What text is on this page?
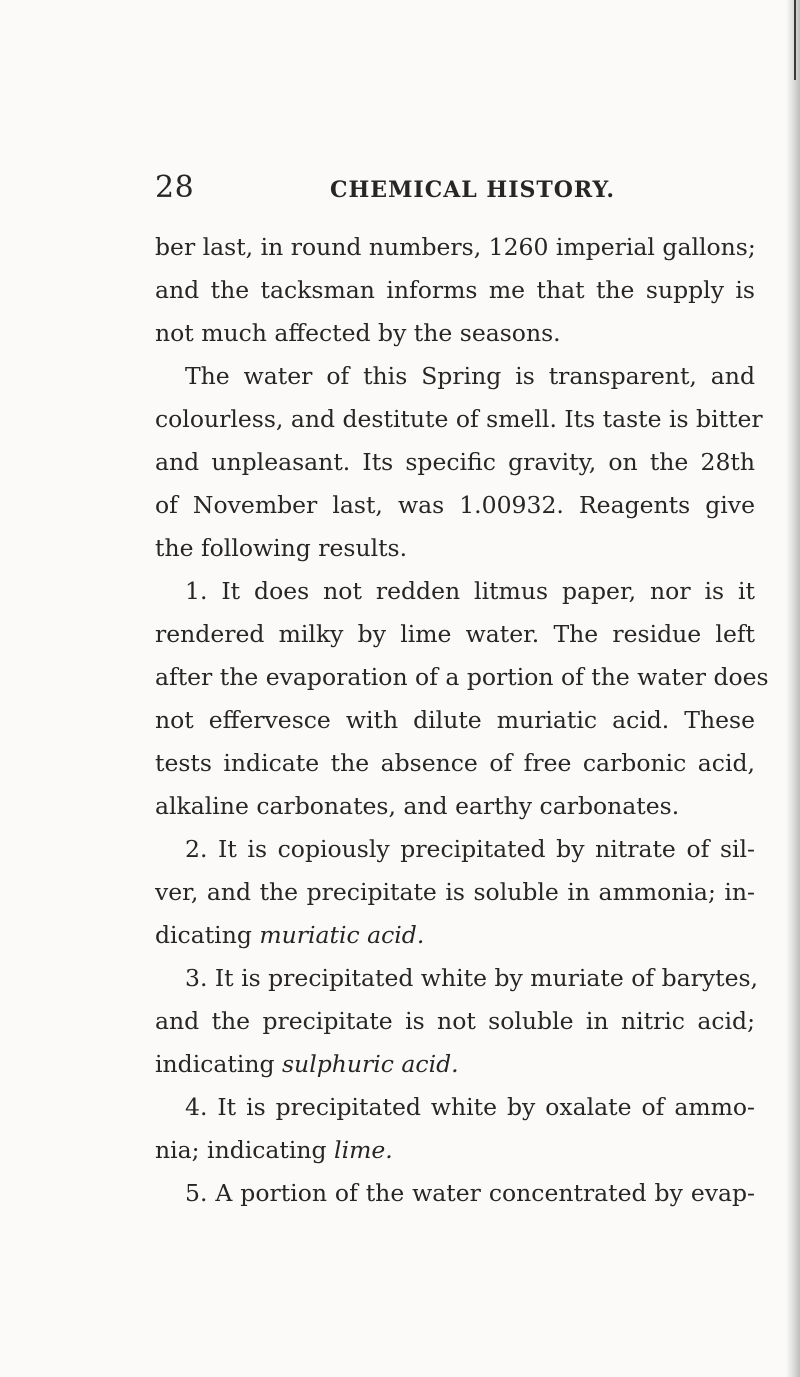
28	CHEMICAL HISTORY.
ber last, in round numbers, 1260 imperial gallons;
and the tacksman informs me that the supply is
not much affected by the seasons.
The water of this Spring is transparent, and
colourless, and destitute of smell. Its taste is bitter
and unpleasant. Its specific gravity, on the 28th
of November last, was 1.00932. Reagents give
the following results.
1. It does not redden litmus paper, nor is it
rendered milky by lime water. The residue left
after the evaporation of a portion of the water does
not effervesce with dilute muriatic acid. These
tests indicate the absence of free carbonic acid,
alkaline carbonates, and earthy carbonates.
2. It is copiously precipitated by nitrate of sil-
ver, and the precipitate is soluble in ammonia; in-
dicating muriatic acid.
3. It is precipitated white by muriate of barytes,
and the precipitate is not soluble in nitric acid;
indicating sulphuric acid.
4. It is precipitated white by oxalate of ammo-
nia; indicating lime.
5. A portion of the water concentrated by evap-
